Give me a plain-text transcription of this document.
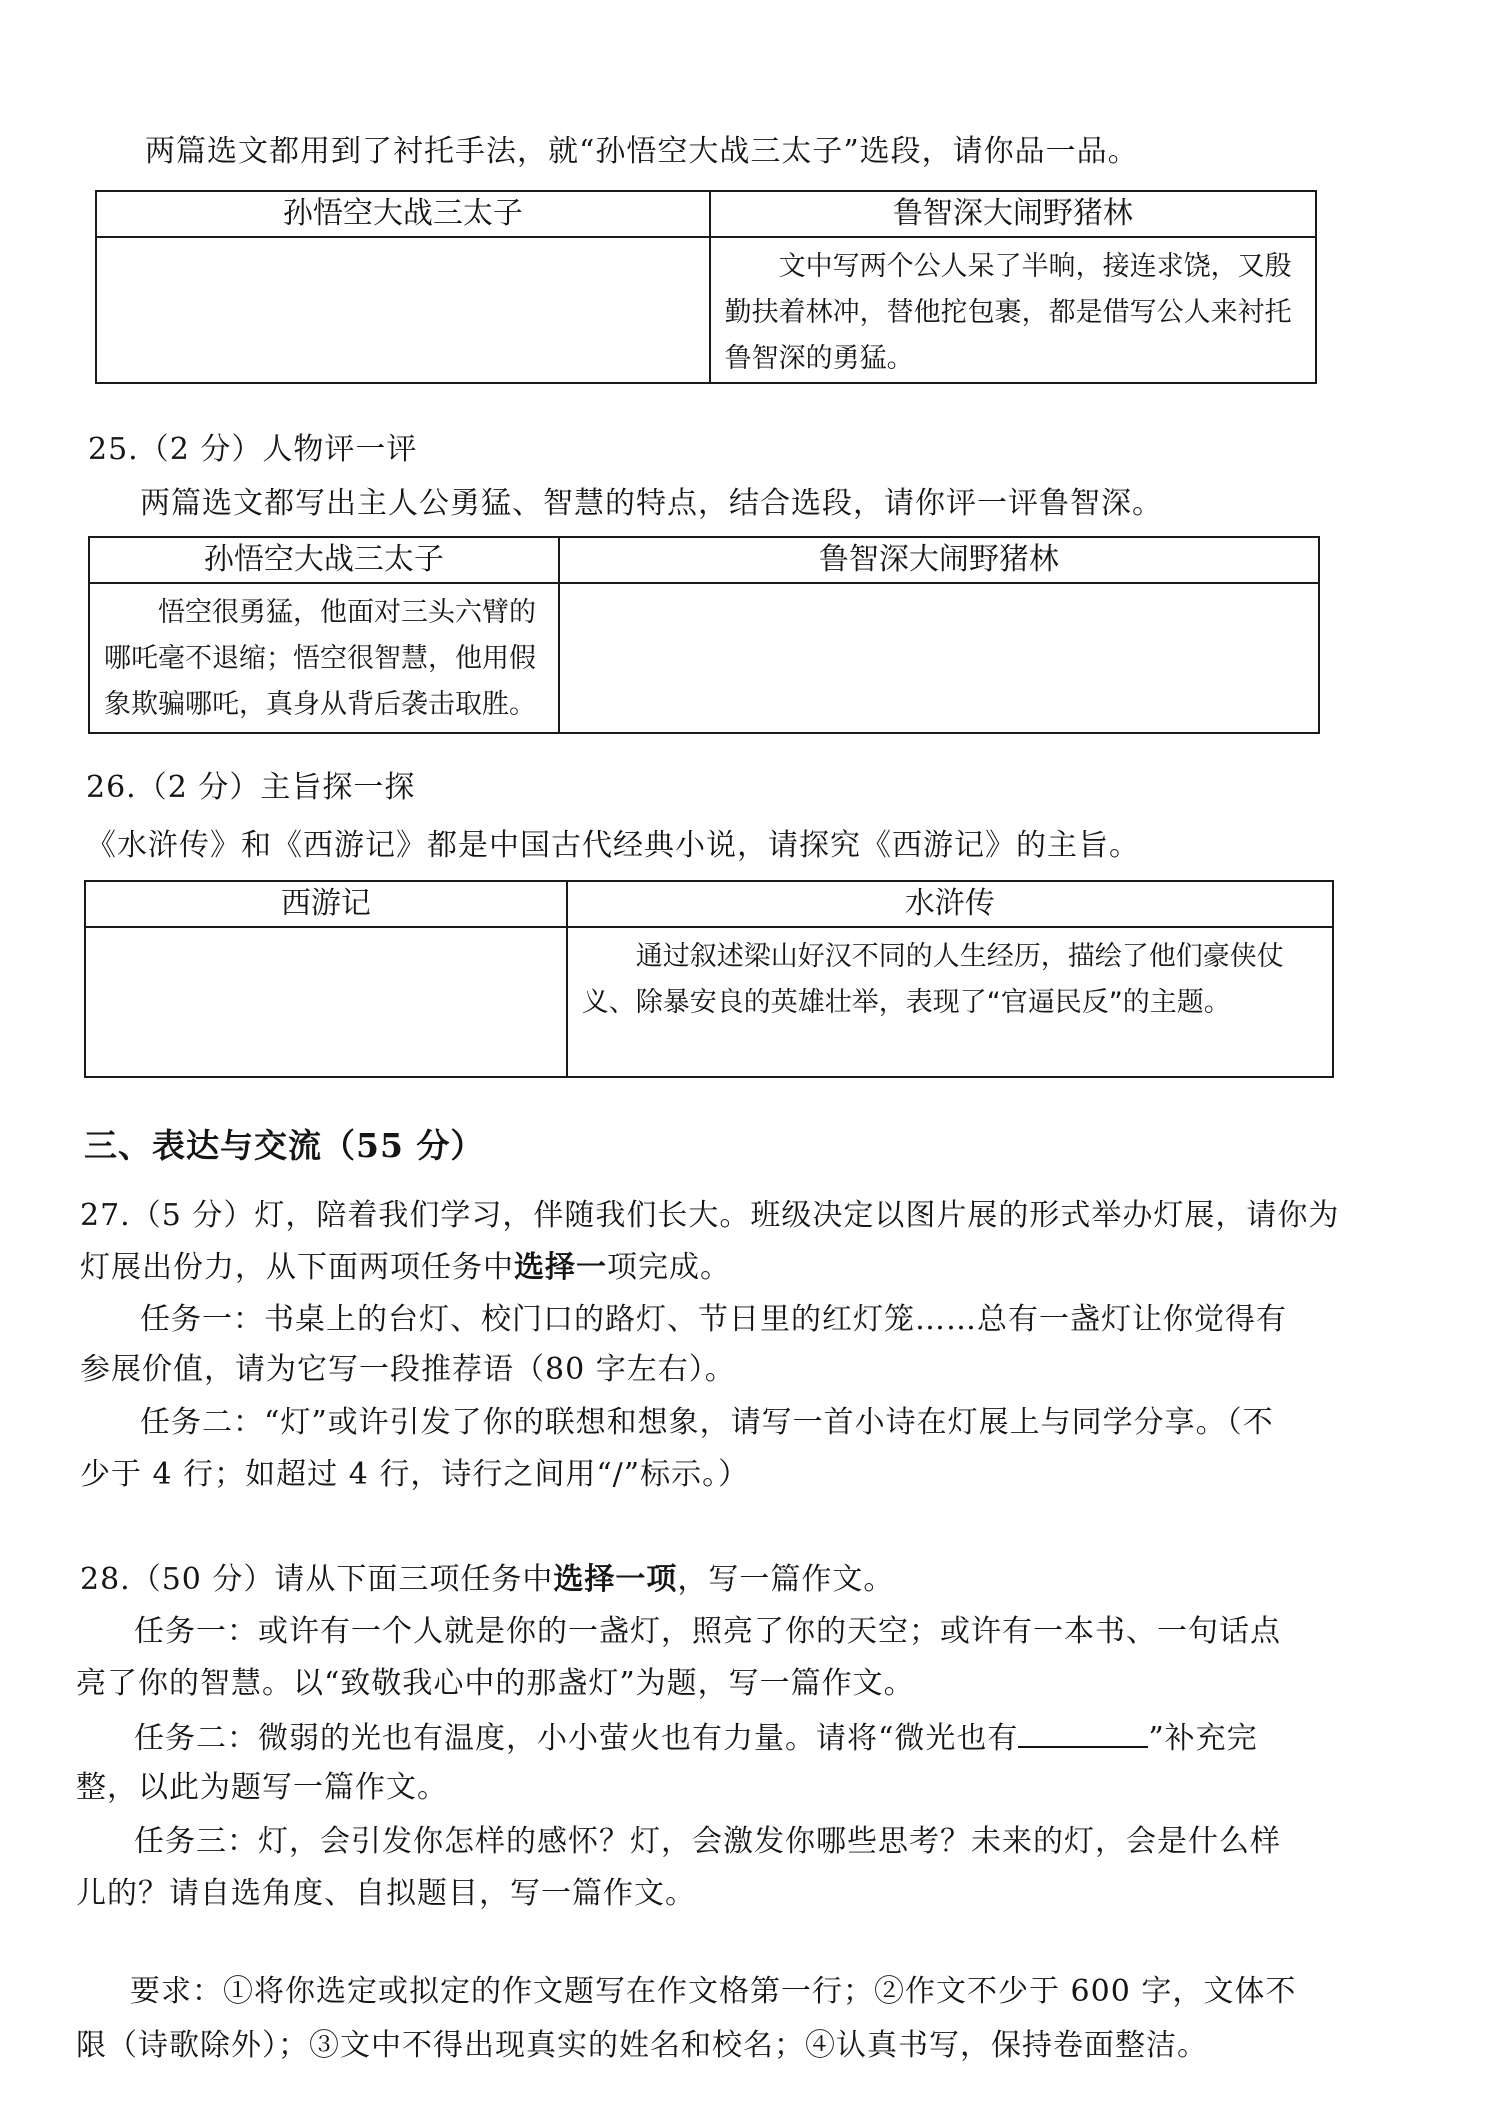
两篇选文都用到了衬托手法，就“孙悟空大战三太子”选段，请你品一品。
孙悟空大战三太子	鲁智深大闹野猪林

	文中写两个公人呆了半晌，接连求饶，又殷勤扶着林冲，替他拕包裹，都是借写公人来衬托鲁智深的勇猛。
25.（2 分）人物评一评
两篇选文都写出主人公勇猛、智慧的特点，结合选段，请你评一评鲁智深。
孙悟空大战三太子	鲁智深大闹野猪林

悟空很勇猛，他面对三头六臂的哪吒毫不退缩；悟空很智慧，他用假象欺骗哪吒，真身从背后袭击取胜。	

26.（2 分）主旨探一探
《水浒传》和《西游记》都是中国古代经典小说，请探究《西游记》的主旨。
西游记	水浒传

	通过叙述梁山好汉不同的人生经历，描绘了他们豪侠仗义、除暴安良的英雄壮举，表现了“官逼民反”的主题。
三、表达与交流（55 分）
27.（5 分）灯，陪着我们学习，伴随我们长大。班级决定以图片展的形式举办灯展，请你为
灯展出份力，从下面两项任务中选择一项完成。
任务一：书桌上的台灯、校门口的路灯、节日里的红灯笼……总有一盏灯让你觉得有
参展价值，请为它写一段推荐语（80 字左右）。
任务二：“灯”或许引发了你的联想和想象，请写一首小诗在灯展上与同学分享。（不
少于 4 行；如超过 4 行，诗行之间用“/”标示。）
28.（50 分）请从下面三项任务中选择一项，写一篇作文。
任务一：或许有一个人就是你的一盏灯，照亮了你的天空；或许有一本书、一句话点
亮了你的智慧。以“致敬我心中的那盏灯”为题，写一篇作文。
任务二：微弱的光也有温度，小小萤火也有力量。请将“微光也有	”补充完
整，以此为题写一篇作文。
任务三：灯，会引发你怎样的感怀？灯，会激发你哪些思考？未来的灯，会是什么样
儿的？请自选角度、自拟题目，写一篇作文。
要求：①将你选定或拟定的作文题写在作文格第一行；②作文不少于 600 字，文体不
限（诗歌除外）；③文中不得出现真实的姓名和校名；④认真书写，保持卷面整洁。
